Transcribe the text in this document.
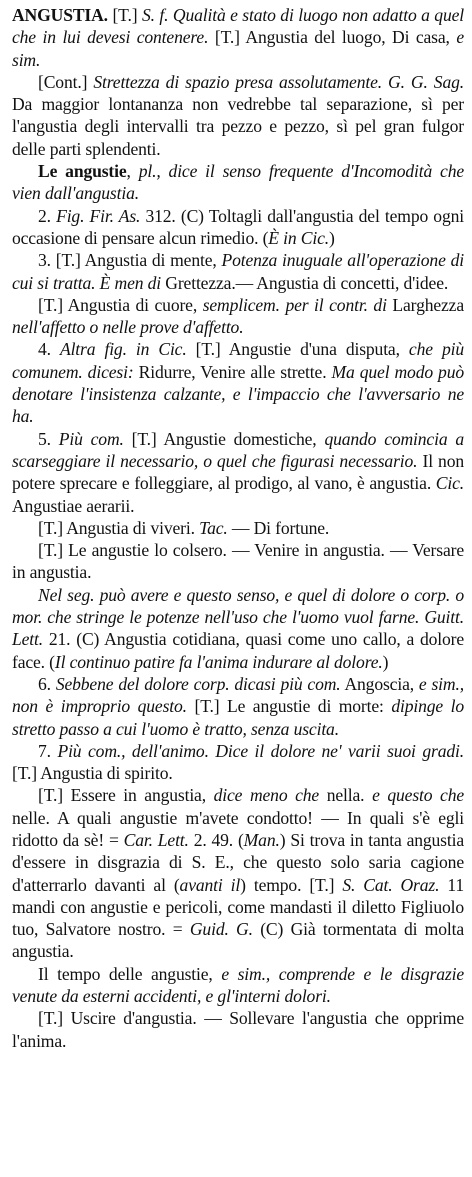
ANGUSTIA. [T.] S. f. Qualità e stato di luogo non adatto a quel che in lui devesi contenere. [T.] Angustia del luogo, Di casa, e sim.

[Cont.] Strettezza di spazio presa assolutamente. G. G. Sag. Da maggior lontananza non vedrebbe tal separazione, sì per l'angustia degli intervalli tra pezzo e pezzo, sì pel gran fulgor delle parti splendenti.

Le angustie, pl., dice il senso frequente d'Incomodità che vien dall'angustia.

2. Fig. Fir. As. 312. (C) Toltagli dall'angustia del tempo ogni occasione di pensare alcun rimedio. (È in Cic.)

3. [T.] Angustia di mente, Potenza inuguale all'operazione di cui si tratta. È men di Grettezza.— Angustia di concetti, d'idee.

[T.] Angustia di cuore, semplicem. per il contr. di Larghezza nell'affetto o nelle prove d'affetto.

4. Altra fig. in Cic. [T.] Angustie d'una disputa, che più comunem. dicesi: Ridurre, Venire alle strette. Ma quel modo può denotare l'insistenza calzante, e l'impaccio che l'avversario ne ha.

5. Più com. [T.] Angustie domestiche, quando comincia a scarseggiare il necessario, o quel che figurasi necessario. Il non potere sprecare e folleggiare, al prodigo, al vano, è angustia. Cic. Angustiae aerarii.

[T.] Angustia di viveri. Tac. — Di fortune.

[T.] Le angustie lo colsero. — Venire in angustia. — Versare in angustia.

Nel seg. può avere e questo senso, e quel di dolore o corp. o mor. che stringe le potenze nell'uso che l'uomo vuol farne. Guitt. Lett. 21. (C) Angustia cotidiana, quasi come uno callo, a dolore face. (Il continuo patire fa l'anima indurare al dolore.)

6. Sebbene del dolore corp. dicasi più com. Angoscia, e sim., non è improprio questo. [T.] Le angustie di morte: dipinge lo stretto passo a cui l'uomo è tratto, senza uscita.

7. Più com., dell'animo. Dice il dolore ne' varii suoi gradi. [T.] Angustia di spirito.

[T.] Essere in angustia, dice meno che nella. e questo che nelle. A quali angustie m'avete condotto! — In quali s'è egli ridotto da sè! = Car. Lett. 2. 49. (Man.) Si trova in tanta angustia d'essere in disgrazia di S. E., che questo solo saria cagione d'atterrarlo davanti al (avanti il) tempo. [T.] S. Cat. Oraz. 11 mandi con angustie e pericoli, come mandasti il diletto Figliuolo tuo, Salvatore nostro. = Guid. G. (C) Già tormentata di molta angustia.

Il tempo delle angustie, e sim., comprende e le disgrazie venute da esterni accidenti, e gl'interni dolori.

[T.] Uscire d'angustia. — Sollevare l'angustia che opprime l'anima.
